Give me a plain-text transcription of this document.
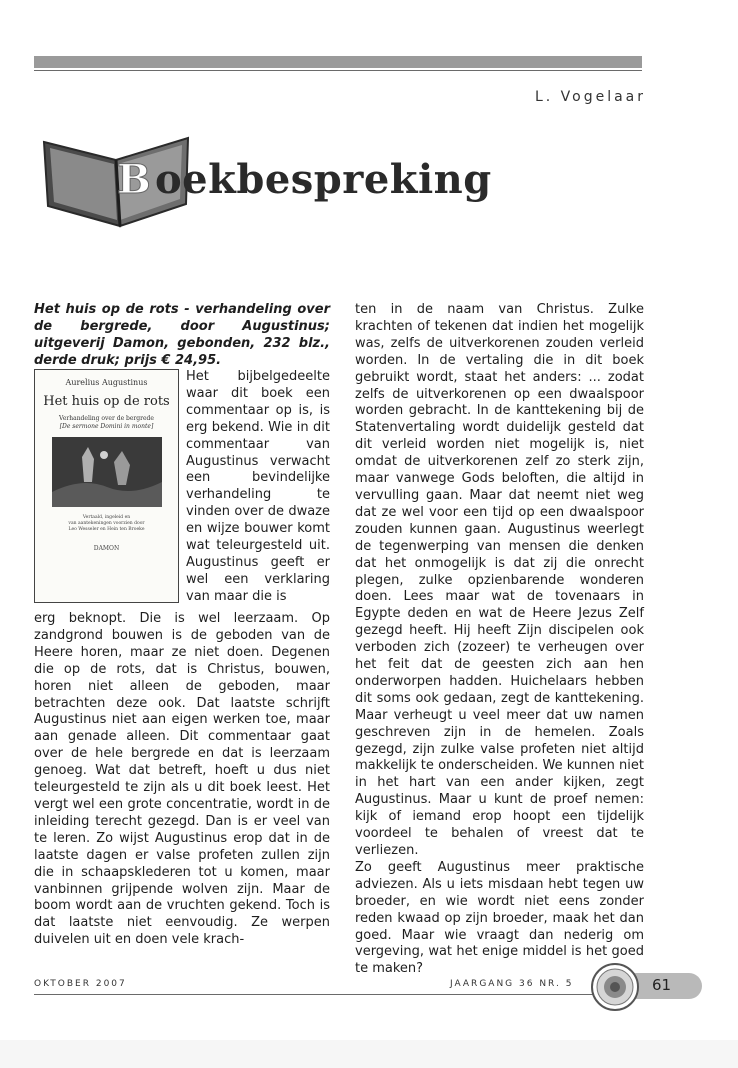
L. Vogelaar
B oekbespreking

Het huis op de rots - verhandeling over de bergrede, door Augustinus; uitgeverij Damon, gebonden, 232 blz., derde druk; prijs € 24,95.

Aurelius Augustinus
Het huis op de rots
Verhandeling over de bergrede
[De sermone Domini in monte]
Vertaald, ingeleid en
van aantekeningen voorzien door
Leo Wesseler en Hein ten Broeke
DAMON

Het bijbelgedeelte waar dit boek een commentaar op is, is erg bekend. Wie in dit commentaar van Augustinus verwacht een bevindelijke verhandeling te vinden over de dwaze en wijze bouwer komt wat teleurgesteld uit. Augustinus geeft er wel een verklaring van maar die is

erg beknopt. Die is wel leerzaam. Op zandgrond bouwen is de geboden van de Heere horen, maar ze niet doen. Degenen die op de rots, dat is Christus, bouwen, horen niet alleen de geboden, maar betrachten deze ook. Dat laatste schrijft Augustinus niet aan eigen werken toe, maar aan genade alleen. Dit commentaar gaat over de hele bergrede en dat is leerzaam genoeg. Wat dat betreft, hoeft u dus niet teleurgesteld te zijn als u dit boek leest. Het vergt wel een grote concentratie, wordt in de inleiding terecht gezegd. Dan is er veel van te leren. Zo wijst Augustinus erop dat in de laatste dagen er valse profeten zullen zijn die in schaapsklederen tot u komen, maar vanbinnen grijpende wolven zijn. Maar de boom wordt aan de vruchten gekend. Toch is dat laatste niet eenvoudig. Ze werpen duivelen uit en doen vele krach-

ten in de naam van Christus. Zulke krachten of tekenen dat indien het mogelijk was, zelfs de uitverkorenen zouden verleid worden. In de vertaling die in dit boek gebruikt wordt, staat het anders: ... zodat zelfs de uitverkorenen op een dwaalspoor worden gebracht. In de kanttekening bij de Statenvertaling wordt duidelijk gesteld dat dit verleid worden niet mogelijk is, niet omdat de uitverkorenen zelf zo sterk zijn, maar vanwege Gods beloften, die altijd in vervulling gaan. Maar dat neemt niet weg dat ze wel voor een tijd op een dwaalspoor zouden kunnen gaan. Augustinus weerlegt de tegenwerping van mensen die denken dat het onmogelijk is dat zij die onrecht plegen, zulke opzienbarende wonderen doen. Lees maar wat de tovenaars in Egypte deden en wat de Heere Jezus Zelf gezegd heeft. Hij heeft Zijn discipelen ook verboden zich (zozeer) te verheugen over het feit dat de geesten zich aan hen onderworpen hadden. Huichelaars hebben dit soms ook gedaan, zegt de kanttekening. Maar verheugt u veel meer dat uw namen geschreven zijn in de hemelen. Zoals gezegd, zijn zulke valse profeten niet altijd makkelijk te onderscheiden. We kunnen niet in het hart van een ander kijken, zegt Augustinus. Maar u kunt de proef nemen: kijk of iemand erop hoopt een tijdelijk voordeel te behalen of vreest dat te verliezen.

Zo geeft Augustinus meer praktische adviezen. Als u iets misdaan hebt tegen uw broeder, en wie wordt niet eens zonder reden kwaad op zijn broeder, maak het dan goed. Maar wie vraagt dan nederig om vergeving, wat het enige middel is het goed te maken?

OKTOBER 2007	JAARGANG 36 NR. 5	61
